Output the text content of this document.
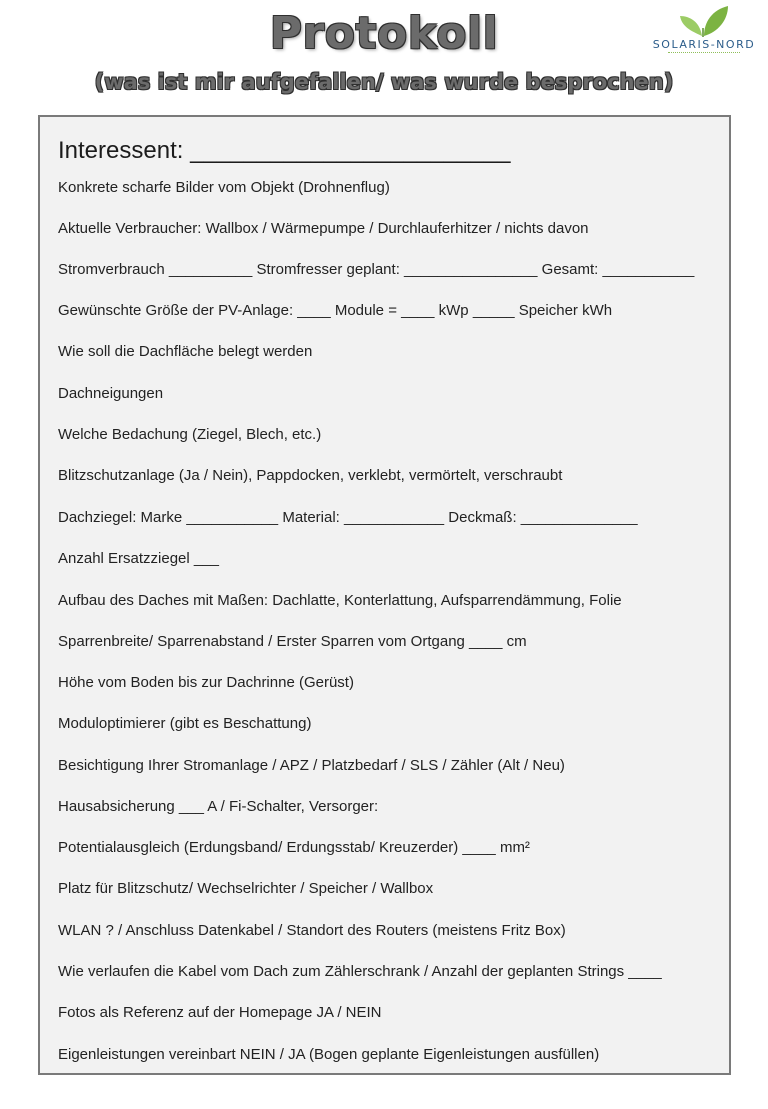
Protokoll
(was ist mir aufgefallen/ was wurde besprochen)
SOLARIS-NORD
Interessent: ________________________
Konkrete scharfe Bilder vom Objekt (Drohnenflug)
Aktuelle Verbraucher: Wallbox / Wärmepumpe / Durchlauferhitzer / nichts davon
Stromverbrauch __________ Stromfresser geplant: ________________ Gesamt: ___________
Gewünschte Größe der PV-Anlage: ____ Module = ____ kWp _____ Speicher kWh
Wie soll die Dachfläche belegt werden
Dachneigungen
Welche Bedachung (Ziegel, Blech, etc.)
Blitzschutzanlage (Ja / Nein), Pappdocken, verklebt, vermörtelt, verschraubt
Dachziegel: Marke ___________ Material: ____________ Deckmaß: ______________
Anzahl Ersatzziegel ___
Aufbau des Daches mit Maßen: Dachlatte, Konterlattung, Aufsparrendämmung, Folie
Sparrenbreite/ Sparrenabstand / Erster Sparren vom Ortgang ____ cm
Höhe vom Boden bis zur Dachrinne (Gerüst)
Moduloptimierer (gibt es Beschattung)
Besichtigung Ihrer Stromanlage / APZ / Platzbedarf / SLS / Zähler (Alt / Neu)
Hausabsicherung ___ A / Fi-Schalter, Versorger:
Potentialausgleich (Erdungsband/ Erdungsstab/ Kreuzerder) ____ mm²
Platz für Blitzschutz/ Wechselrichter / Speicher / Wallbox
WLAN ? / Anschluss Datenkabel / Standort des Routers (meistens Fritz Box)
Wie verlaufen die Kabel vom Dach zum Zählerschrank / Anzahl der geplanten Strings ____
Fotos als Referenz auf der Homepage JA / NEIN
Eigenleistungen vereinbart NEIN / JA (Bogen geplante Eigenleistungen ausfüllen)
